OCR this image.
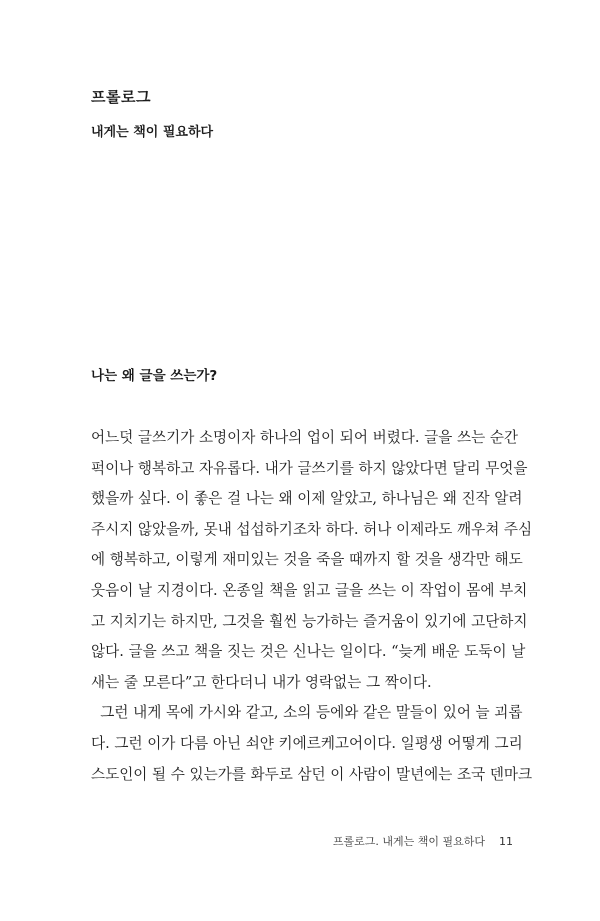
프롤로그
내게는 책이 필요하다
나는 왜 글을 쓰는가?
어느덧 글쓰기가 소명이자 하나의 업이 되어 버렸다. 글을 쓰는 순간
퍽이나 행복하고 자유롭다. 내가 글쓰기를 하지 않았다면 달리 무엇을
했을까 싶다. 이 좋은 걸 나는 왜 이제 알았고, 하나님은 왜 진작 알려
주시지 않았을까, 못내 섭섭하기조차 하다. 허나 이제라도 깨우쳐 주심
에 행복하고, 이렇게 재미있는 것을 죽을 때까지 할 것을 생각만 해도
웃음이 날 지경이다. 온종일 책을 읽고 글을 쓰는 이 작업이 몸에 부치
고 지치기는 하지만, 그것을 훨씬 능가하는 즐거움이 있기에 고단하지
않다. 글을 쓰고 책을 짓는 것은 신나는 일이다. “늦게 배운 도둑이 날
새는 줄 모른다”고 한다더니 내가 영락없는 그 짝이다.
그런 내게 목에 가시와 같고, 소의 등에와 같은 말들이 있어 늘 괴롭
다. 그런 이가 다름 아닌 쇠얀 키에르케고어이다. 일평생 어떻게 그리
스도인이 될 수 있는가를 화두로 삼던 이 사람이 말년에는 조국 덴마크
프롤로그. 내게는 책이 필요하다 11
